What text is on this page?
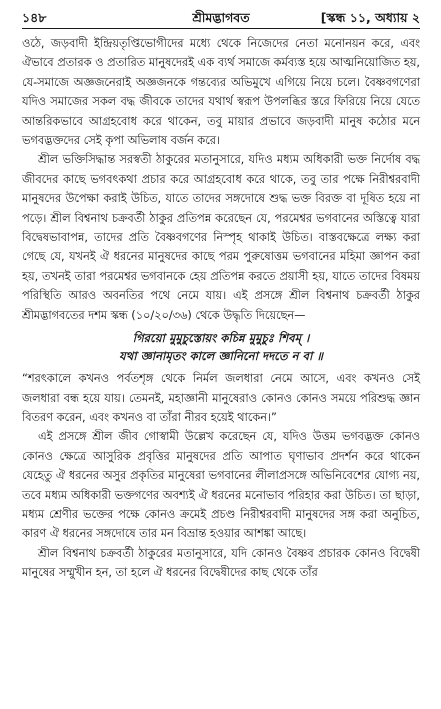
১৪৮	শ্রীমদ্ভাগবত	[স্কন্ধ ১১, অধ্যায় ২

ওঠে, জড়বাদী ইন্দ্রিয়তৃপ্তিভোগীদের মধ্যে থেকে নিজেদের নেতা মনোনয়ন করে, এবং ঐভাবে প্রতারক ও প্রতারিত মানুষদেরই এক ব্যর্থ সমাজে কর্মব্যস্ত হয়ে আত্মনিয়োজিত হয়, যে-সমাজে অজ্ঞজনেরাই অজ্ঞজনকে গন্তব্যের অভিমুখে এগিয়ে নিয়ে চলে। বৈষ্ণবগণেরা যদিও সমাজের সকল বদ্ধ জীবকে তাদের যথার্থ স্বরূপ উপলব্ধির স্তরে ফিরিয়ে নিয়ে যেতে আন্তরিকভাবে আগ্রহবোধ করে থাকেন, তবু মায়ার প্রভাবে জড়বাদী মানুষ কঠোর মনে ভগবদ্ভক্তদের সেই কৃপা অভিলাষ বর্জন করে।

শ্রীল ভক্তিসিদ্ধান্ত সরস্বতী ঠাকুরের মতানুসারে, যদিও মধ্যম অধিকারী ভক্ত নির্দোষ বদ্ধ জীবদের কাছে ভগবৎকথা প্রচার করে আগ্রহবোধ করে থাকে, তবু তার পক্ষে নিরীশ্বরবাদী মানুষদের উপেক্ষা করাই উচিত, যাতে তাদের সঙ্গদোষে শুদ্ধ ভক্ত বিরক্ত বা দূষিত হয়ে না পড়ে। শ্রীল বিশ্বনাথ চক্রবর্তী ঠাকুর প্রতিপন্ন করেছেন যে, পরমেশ্বর ভগবানের অস্তিত্বে যারা বিদ্বেষভাবাপন্ন, তাদের প্রতি বৈষ্ণবগণের নিস্পৃহ থাকাই উচিত। বাস্তবক্ষেত্রে লক্ষ্য করা গেছে যে, যখনই ঐ ধরনের মানুষদের কাছে পরম পুরুষোত্তম ভগবানের মহিমা জ্ঞাপন করা হয়, তখনই তারা পরমেশ্বর ভগবানকে হেয় প্রতিপন্ন করতে প্রয়াসী হয়, যাতে তাদের বিষময় পরিস্থিতি আরও অবনতির পথে নেমে যায়। এই প্রসঙ্গে শ্রীল বিশ্বনাথ চক্রবর্তী ঠাকুর শ্রীমদ্ভাগবতের দশম স্কন্ধ (১০/২০/৩৬) থেকে উদ্ধৃতি দিয়েছেন—

গিরয়ো মুমুচুস্তোয়ং কচিন্ন মুমুচুঃ শিবম্ ।
যথা জ্ঞানামৃতং কালে জ্ঞানিনো দদতে ন বা ॥

“শরৎকালে কখনও পর্বতশৃঙ্গ থেকে নির্মল জলধারা নেমে আসে, এবং কখনও সেই জলধারা বন্ধ হয়ে যায়। তেমনই, মহাজ্ঞানী মানুষেরাও কোনও কোনও সময়ে পরিশুদ্ধ জ্ঞান বিতরণ করেন, এবং কখনও বা তাঁরা নীরব হয়েই থাকেন।”

এই প্রসঙ্গে শ্রীল জীব গোস্বামী উল্লেখ করেছেন যে, যদিও উত্তম ভগবদ্ভক্ত কোনও কোনও ক্ষেত্রে আসুরিক প্রবৃত্তির মানুষদের প্রতি আপাত ঘৃণাভাব প্রদর্শন করে থাকেন যেহেতু ঐ ধরনের অসুর প্রকৃতির মানুষেরা ভগবানের লীলাপ্রসঙ্গে অভিনিবেশের যোগ্য নয়, তবে মধ্যম অধিকারী ভক্তগণের অবশ্যই ঐ ধরনের মনোভাব পরিহার করা উচিত। তা ছাড়া, মধ্যম শ্রেণীর ভক্তের পক্ষে কোনও ক্রমেই প্রচণ্ড নিরীশ্বরবাদী মানুষদের সঙ্গ করা অনুচিত, কারণ ঐ ধরনের সঙ্গদোষে তার মন বিভ্রান্ত হওয়ার আশঙ্কা আছে।

শ্রীল বিশ্বনাথ চক্রবর্তী ঠাকুরের মতানুসারে, যদি কোনও বৈষ্ণব প্রচারক কোনও বিদ্বেষী মানুষের সম্মুখীন হন, তা হলে ঐ ধরনের বিদ্বেষীদের কাছ থেকে তাঁর
